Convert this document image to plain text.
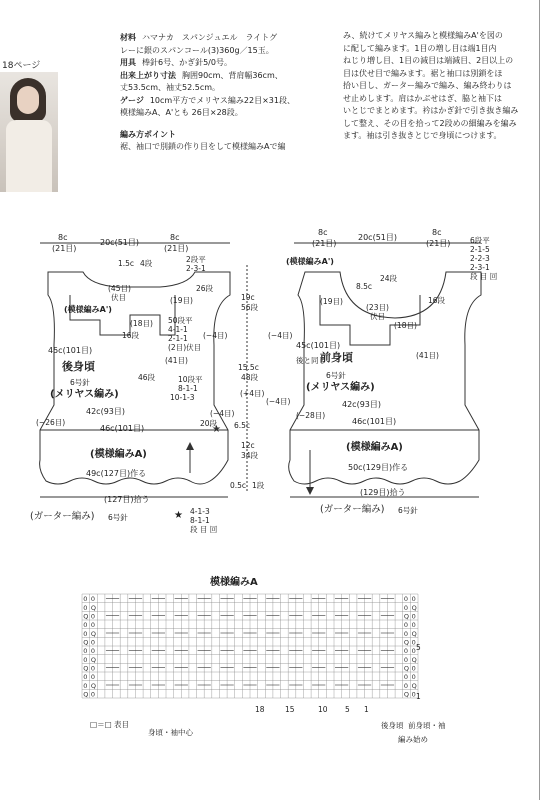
18ページ
材料 ハマナカ　スパンジュエル　ライトグ
レーに銀のスパンコール(3)360g／15玉。
用具 棒針6号、かぎ針5/0号。
出来上がり寸法 胸囲90cm、背肩幅36cm、
丈53.5cm、袖丈52.5cm。
ゲージ 10cm平方でメリヤス編み22目×31段、
模様編みA、A'とも 26目×28段。
編み方ポイント
裾、袖口で別鎖の作り目をして模様編みAで編
み、続けてメリヤス編みと模様編みA'を図の
に配して編みます。1目の増し目は端1目内
ねじり増し目、1目の減目は端減目、2目以上の
目は伏せ目で編みます。裾と袖口は別鎖をほ
拾い目し、ガーター編みで編み、編み終わりは
せ止めします。肩はかぶせはぎ、脇と袖下は
いとじでまとめます。衿はかぎ針で引き抜き編み
して整え、その目を拾って2段めの細編みを編み
ます。袖は引き抜きとじで身頃につけます。
★
8c
(21目)
20c(51目)
8c
(21目)
1.5c 4段	2段平
2-3-1
(45目)
伏目
(模様編みA')
(19目)
(18目)
26段
16段
50段平
4-1-1
2-1-1
(2目)伏目
45c(101目)
(41目)
(−4目)
後身頃
6号針
(メリヤス編み)
10段平
8-1-1
10-1-3
46段
(−4目)
42c(93目)
(−26目)
46c(101目)
20段
(模様編みA)
49c(127目)作る
(127目)拾う
(ガーター編み) 6号針
19c
56段
15.5c
48段
(+4目)
6.5c
12c
34段
0.5c 1段
8c
(21目)
20c(51目)
8c
(21目)	6段平
2-1-5
2-2-3
2-3-1
段 目 回
(模様編みA')
8.5c
24段
(19目)
(23目)
伏目
(18目)
16段
45c(101目)
(−4目)
後と同じ
前身頃	(41目)
6号針
(メリヤス編み)
(−4目)	42c(93目)
(−28目)
46c(101目)
(模様編みA)
50c(129目)作る
(129目)拾う
(ガーター編み) 6号針
★ 4-1-3
8-1-1
段 目 回
模様編みA
0 0	0 0
0 Q	0 Q
Q 0	Q 0
0 0	0 0
0 Q	0 Q
Q 0	Q 0
0 0	0 0
0 Q	0 Q
Q 0	Q 0
0 0	0 0
0 Q	0 Q
Q 0	Q 0
18	15	10 5 1
5
1
□＝□ 表目
身頃・袖中心
後身頃 前身頃・袖
編み始め
